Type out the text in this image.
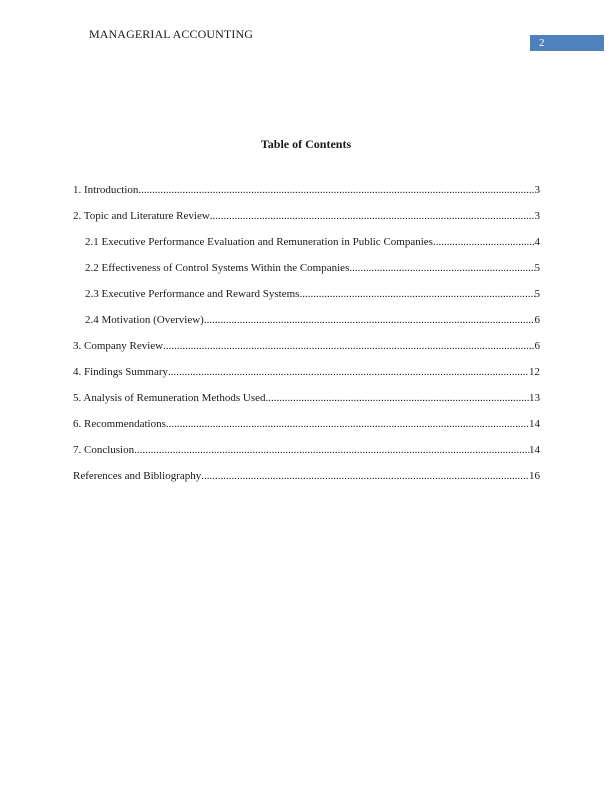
MANAGERIAL ACCOUNTING
2
Table of Contents
1. Introduction .....	3
2. Topic and Literature Review .....	3
2.1 Executive Performance Evaluation and Remuneration in Public Companies .....	4
2.2 Effectiveness of Control Systems Within the Companies .....	5
2.3 Executive Performance and Reward Systems .....	5
2.4 Motivation (Overview) .....	6
3. Company Review .....	6
4. Findings Summary .....	12
5. Analysis of Remuneration Methods Used .....	13
6. Recommendations .....	14
7. Conclusion .....	14
References and Bibliography .....	16
